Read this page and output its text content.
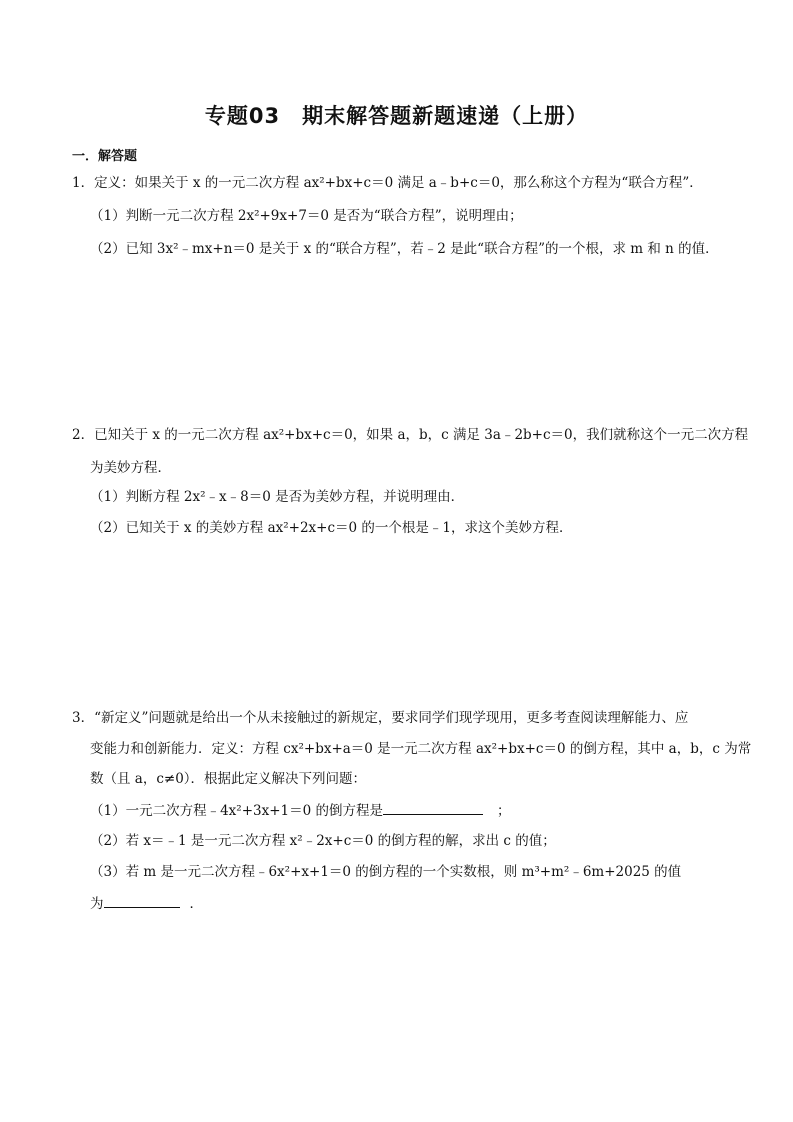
专题03　期末解答题新题速递（上册）
一．解答题
1．定义：如果关于 x 的一元二次方程 ax²+bx+c＝0 满足 a﹣b+c＝0，那么称这个方程为“联合方程”．
（1）判断一元二次方程 2x²+9x+7＝0 是否为“联合方程”，说明理由；
（2）已知 3x²﹣mx+n＝0 是关于 x 的“联合方程”，若﹣2 是此“联合方程”的一个根，求 m 和 n 的值．
2．已知关于 x 的一元二次方程 ax²+bx+c＝0，如果 a，b，c 满足 3a﹣2b+c＝0，我们就称这个一元二次方程
为美妙方程．
（1）判断方程 2x²﹣x﹣8＝0 是否为美妙方程，并说明理由．
（2）已知关于 x 的美妙方程 ax²+2x+c＝0 的一个根是﹣1，求这个美妙方程．
3．“新定义”问题就是给出一个从未接触过的新规定，要求同学们现学现用，更多考查阅读理解能力、应
变能力和创新能力．定义：方程 cx²+bx+a＝0 是一元二次方程 ax²+bx+c＝0 的倒方程，其中 a，b，c 为常
数（且 a，c≠0）．根据此定义解决下列问题：
（1）一元二次方程﹣4x²+3x+1＝0 的倒方程是	；
（2）若 x＝﹣1 是一元二次方程 x²﹣2x+c＝0 的倒方程的解，求出 c 的值；
（3）若 m 是一元二次方程﹣6x²+x+1＝0 的倒方程的一个实数根，则 m³+m²﹣6m+2025 的值
为	．
